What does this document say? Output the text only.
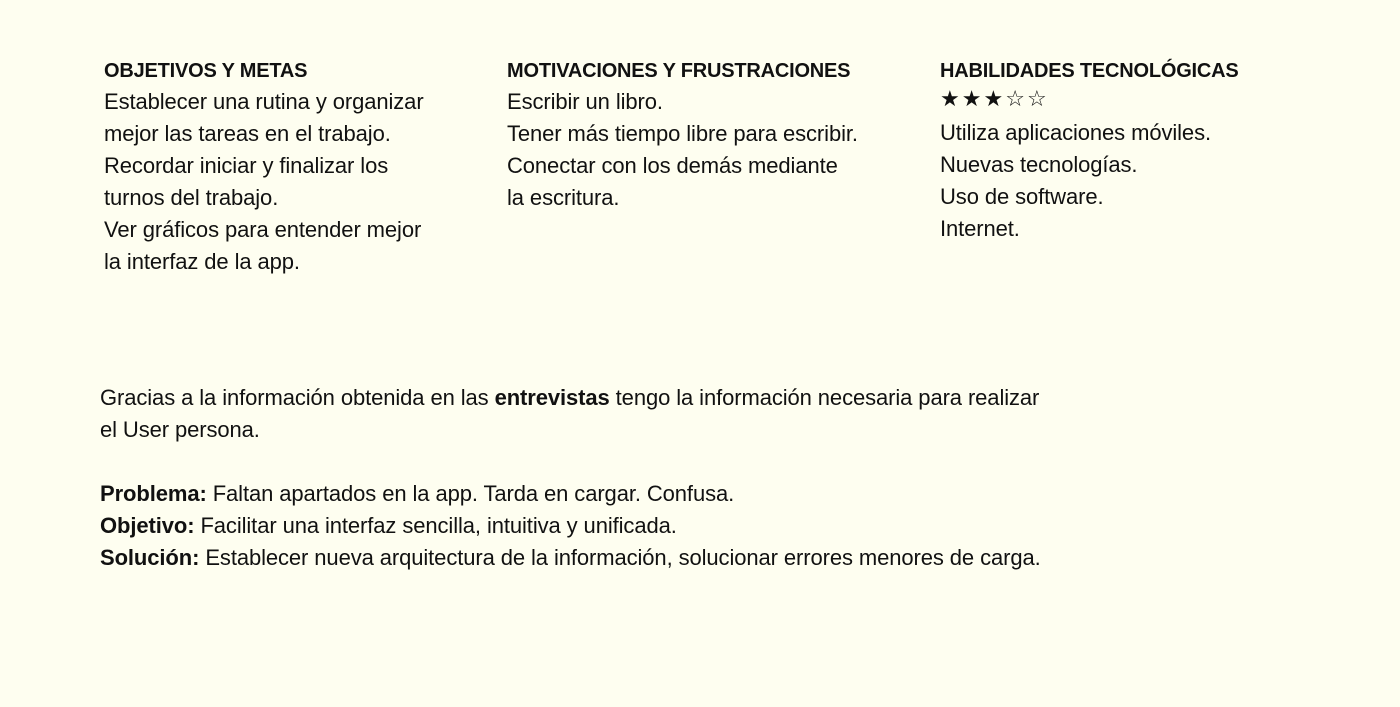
OBJETIVOS Y METAS
Establecer una rutina y organizar
mejor las tareas en el trabajo.
Recordar iniciar y finalizar los
turnos del trabajo.
Ver gráficos para entender mejor
la interfaz de la app.
MOTIVACIONES Y FRUSTRACIONES
Escribir un libro.
Tener más tiempo libre para escribir.
Conectar con los demás mediante
la escritura.
HABILIDADES TECNOLÓGICAS
★★★☆☆
Utiliza aplicaciones móviles.
Nuevas tecnologías.
Uso de software.
Internet.

Gracias a la información obtenida en las entrevistas tengo la información necesaria para realizar

el User persona.

Problema: Faltan apartados en la app. Tarda en cargar. Confusa.

Objetivo: Facilitar una interfaz sencilla, intuitiva y unificada.

Solución: Establecer nueva arquitectura de la información, solucionar errores menores de carga.
